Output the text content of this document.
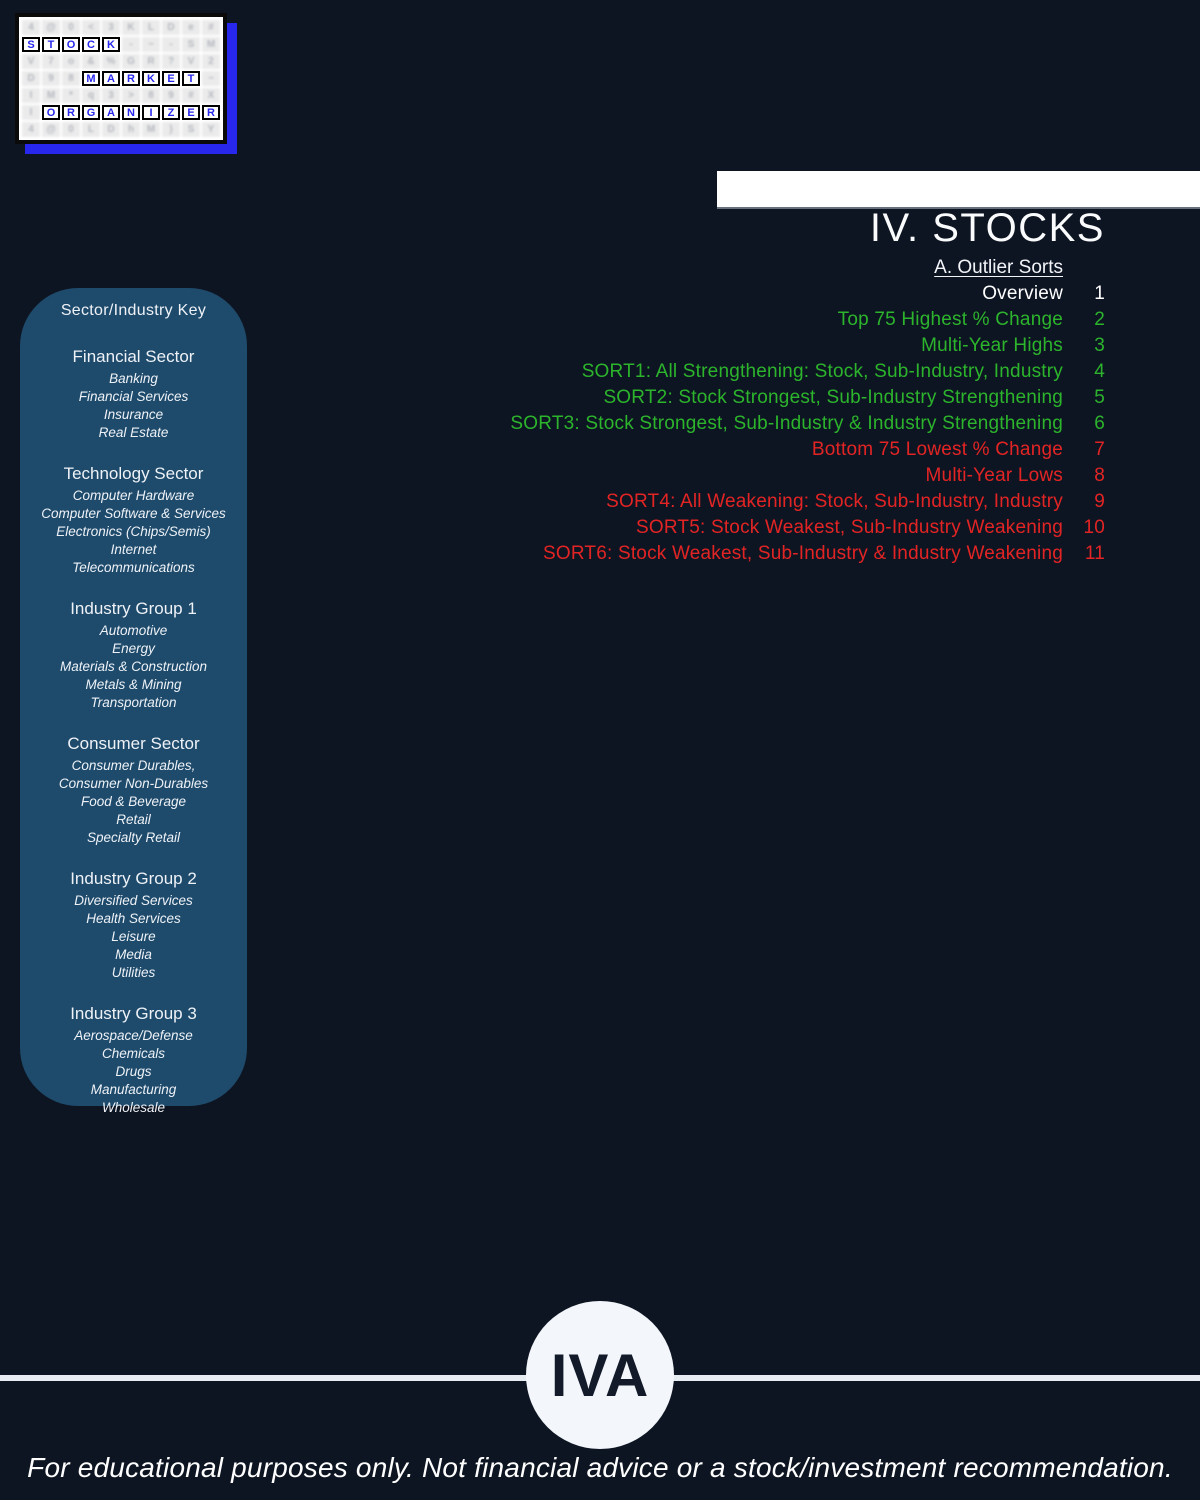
4	@	0	<	3	K	L	D	e	#
S	T	O	C	K	-	~	-	S	M
V	7	o	&	%	G	R	?	V	2
D	9	8	M	A	R	K	E	T	~
I	M	*	q	3	>	8	9	#	X
I	O	R	G	A	N	I	Z	E	R
4	@	0	L	D	h	M	)	S	Y
IV. STOCKS
A. Outlier Sorts
Overview	1
Top 75 Highest % Change	2
Multi-Year Highs	3
SORT1: All Strengthening: Stock, Sub-Industry, Industry	4
SORT2: Stock Strongest, Sub-Industry Strengthening	5
SORT3: Stock Strongest, Sub-Industry & Industry Strengthening	6
Bottom 75 Lowest % Change	7
Multi-Year Lows	8
SORT4: All Weakening: Stock, Sub-Industry, Industry	9
SORT5: Stock Weakest, Sub-Industry Weakening	10
SORT6: Stock Weakest, Sub-Industry & Industry Weakening	11
Sector/Industry Key
Financial Sector
Banking
Financial Services
Insurance
Real Estate
Technology Sector
Computer Hardware
Computer Software & Services
Electronics (Chips/Semis)
Internet
Telecommunications
Industry Group 1
Automotive
Energy
Materials & Construction
Metals & Mining
Transportation
Consumer Sector
Consumer Durables,
Consumer Non-Durables
Food & Beverage
Retail
Specialty Retail
Industry Group 2
Diversified Services
Health Services
Leisure
Media
Utilities
Industry Group 3
Aerospace/Defense
Chemicals
Drugs
Manufacturing
Wholesale
IVA
For educational purposes only. Not financial advice or a stock/investment recommendation.
